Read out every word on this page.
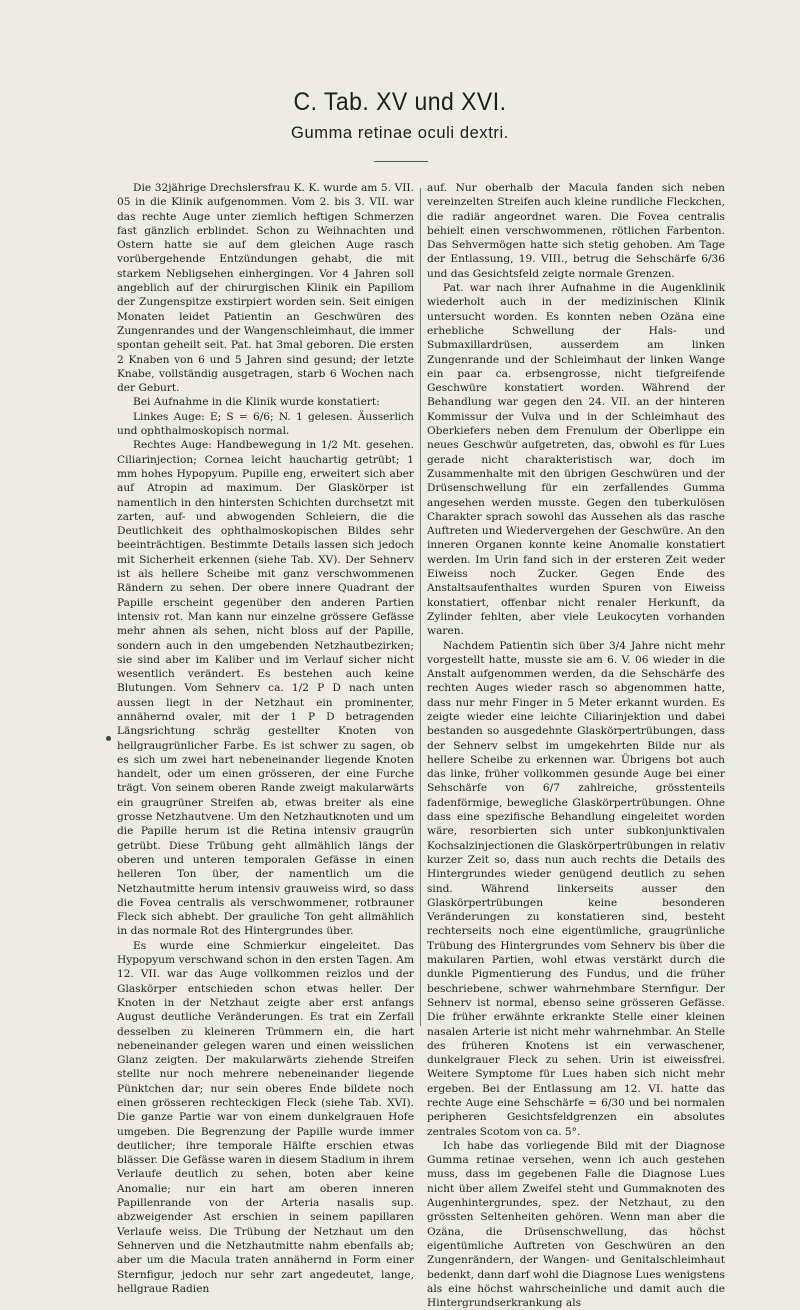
C. Tab. XV und XVI.
Gumma retinae oculi dextri.

Die 32jährige Drechslersfrau K. K. wurde am 5. VII. 05 in die Klinik aufgenommen. Vom 2. bis 3. VII. war das rechte Auge unter ziemlich heftigen Schmerzen fast gänzlich erblindet. Schon zu Weihnachten und Ostern hatte sie auf dem gleichen Auge rasch vorübergehende Entzündungen gehabt, die mit starkem Nebligsehen einhergingen. Vor 4 Jahren soll angeblich auf der chirurgischen Klinik ein Papillom der Zungenspitze exstirpiert worden sein. Seit einigen Monaten leidet Patientin an Geschwüren des Zungenrandes und der Wangenschleimhaut, die immer spontan geheilt seit. Pat. hat 3mal geboren. Die ersten 2 Knaben von 6 und 5 Jahren sind gesund; der letzte Knabe, vollständig ausgetragen, starb 6 Wochen nach der Geburt.

Bei Aufnahme in die Klinik wurde konstatiert:

Linkes Auge: E; S = 6/6; N. 1 gelesen. Äusserlich und ophthalmoskopisch normal.

Rechtes Auge: Handbewegung in 1/2 Mt. gesehen. Ciliarinjection; Cornea leicht hauchartig getrübt; 1 mm hohes Hypopyum. Pupille eng, erweitert sich aber auf Atropin ad maximum. Der Glaskörper ist namentlich in den hintersten Schichten durchsetzt mit zarten, auf- und abwogenden Schleiern, die die Deutlichkeit des ophthalmoskopischen Bildes sehr beeinträchtigen. Bestimmte Details lassen sich jedoch mit Sicherheit erkennen (siehe Tab. XV). Der Sehnerv ist als hellere Scheibe mit ganz verschwommenen Rändern zu sehen. Der obere innere Quadrant der Papille erscheint gegenüber den anderen Partien intensiv rot. Man kann nur einzelne grössere Gefässe mehr ahnen als sehen, nicht bloss auf der Papille, sondern auch in den umgebenden Netzhautbezirken; sie sind aber im Kaliber und im Verlauf sicher nicht wesentlich verändert. Es bestehen auch keine Blutungen. Vom Sehnerv ca. 1/2 P D nach unten aussen liegt in der Netzhaut ein prominenter, annähernd ovaler, mit der 1 P D betragenden Längsrichtung schräg gestellter Knoten von hellgraugrünlicher Farbe. Es ist schwer zu sagen, ob es sich um zwei hart nebeneinander liegende Knoten handelt, oder um einen grösseren, der eine Furche trägt. Von seinem oberen Rande zweigt makularwärts ein graugrüner Streifen ab, etwas breiter als eine grosse Netzhautvene. Um den Netzhautknoten und um die Papille herum ist die Retina intensiv graugrün getrübt. Diese Trübung geht allmählich längs der oberen und unteren temporalen Gefässe in einen helleren Ton über, der namentlich um die Netzhautmitte herum intensiv grauweiss wird, so dass die Fovea centralis als verschwommener, rotbrauner Fleck sich abhebt. Der grauliche Ton geht allmählich in das normale Rot des Hintergrundes über.

Es wurde eine Schmierkur eingeleitet. Das Hypopyum verschwand schon in den ersten Tagen. Am 12. VII. war das Auge vollkommen reizlos und der Glaskörper entschieden schon etwas heller. Der Knoten in der Netzhaut zeigte aber erst anfangs August deutliche Veränderungen. Es trat ein Zerfall desselben zu kleineren Trümmern ein, die hart nebeneinander gelegen waren und einen weisslichen Glanz zeigten. Der makularwärts ziehende Streifen stellte nur noch mehrere nebeneinander liegende Pünktchen dar; nur sein oberes Ende bildete noch einen grösseren rechteckigen Fleck (siehe Tab. XVI). Die ganze Partie war von einem dunkelgrauen Hofe umgeben. Die Begrenzung der Papille wurde immer deutlicher; ihre temporale Hälfte erschien etwas blässer. Die Gefässe waren in diesem Stadium in ihrem Verlaufe deutlich zu sehen, boten aber keine Anomalie; nur ein hart am oberen inneren Papillenrande von der Arteria nasalis sup. abzweigender Ast erschien in seinem papillaren Verlaufe weiss. Die Trübung der Netzhaut um den Sehnerven und die Netzhautmitte nahm ebenfalls ab; aber um die Macula traten annähernd in Form einer Sternfigur, jedoch nur sehr zart angedeutet, lange, hellgraue Radien

auf. Nur oberhalb der Macula fanden sich neben vereinzelten Streifen auch kleine rundliche Fleckchen, die radiär angeordnet waren. Die Fovea centralis behielt einen verschwommenen, rötlichen Farbenton. Das Sehvermögen hatte sich stetig gehoben. Am Tage der Entlassung, 19. VIII., betrug die Sehschärfe 6/36 und das Gesichtsfeld zeigte normale Grenzen.

Pat. war nach ihrer Aufnahme in die Augenklinik wiederholt auch in der medizinischen Klinik untersucht worden. Es konnten neben Ozäna eine erhebliche Schwellung der Hals- und Submaxillardrüsen, ausserdem am linken Zungenrande und der Schleimhaut der linken Wange ein paar ca. erbsengrosse, nicht tiefgreifende Geschwüre konstatiert worden. Während der Behandlung war gegen den 24. VII. an der hinteren Kommissur der Vulva und in der Schleimhaut des Oberkiefers neben dem Frenulum der Oberlippe ein neues Geschwür aufgetreten, das, obwohl es für Lues gerade nicht charakteristisch war, doch im Zusammenhalte mit den übrigen Geschwüren und der Drüsenschwellung für ein zerfallendes Gumma angesehen werden musste. Gegen den tuberkulösen Charakter sprach sowohl das Aussehen als das rasche Auftreten und Wiedervergehen der Geschwüre. An den inneren Organen konnte keine Anomalie konstatiert werden. Im Urin fand sich in der ersteren Zeit weder Eiweiss noch Zucker. Gegen Ende des Anstaltsaufenthaltes wurden Spuren von Eiweiss konstatiert, offenbar nicht renaler Herkunft, da Zylinder fehlten, aber viele Leukocyten vorhanden waren.

Nachdem Patientin sich über 3/4 Jahre nicht mehr vorgestellt hatte, musste sie am 6. V. 06 wieder in die Anstalt aufgenommen werden, da die Sehschärfe des rechten Auges wieder rasch so abgenommen hatte, dass nur mehr Finger in 5 Meter erkannt wurden. Es zeigte wieder eine leichte Ciliarinjektion und dabei bestanden so ausgedehnte Glaskörpertrübungen, dass der Sehnerv selbst im umgekehrten Bilde nur als hellere Scheibe zu erkennen war. Übrigens bot auch das linke, früher vollkommen gesunde Auge bei einer Sehschärfe von 6/7 zahlreiche, grösstenteils fadenförmige, bewegliche Glaskörpertrübungen. Ohne dass eine spezifische Behandlung eingeleitet worden wäre, resorbierten sich unter subkonjunktivalen Kochsalzinjectionen die Glaskörpertrübungen in relativ kurzer Zeit so, dass nun auch rechts die Details des Hintergrundes wieder genügend deutlich zu sehen sind. Während linkerseits ausser den Glaskörpertrübungen keine besonderen Veränderungen zu konstatieren sind, besteht rechterseits noch eine eigentümliche, graugrünliche Trübung des Hintergrundes vom Sehnerv bis über die makularen Partien, wohl etwas verstärkt durch die dunkle Pigmentierung des Fundus, und die früher beschriebene, schwer wahrnehmbare Sternfigur. Der Sehnerv ist normal, ebenso seine grösseren Gefässe. Die früher erwähnte erkrankte Stelle einer kleinen nasalen Arterie ist nicht mehr wahrnehmbar. An Stelle des früheren Knotens ist ein verwaschener, dunkelgrauer Fleck zu sehen. Urin ist eiweissfrei. Weitere Symptome für Lues haben sich nicht mehr ergeben. Bei der Entlassung am 12. VI. hatte das rechte Auge eine Sehschärfe = 6/30 und bei normalen peripheren Gesichtsfeldgrenzen ein absolutes zentrales Scotom von ca. 5°.

Ich habe das vorliegende Bild mit der Diagnose Gumma retinae versehen, wenn ich auch gestehen muss, dass im gegebenen Falle die Diagnose Lues nicht über allem Zweifel steht und Gummaknoten des Augenhintergrundes, spez. der Netzhaut, zu den grössten Seltenheiten gehören. Wenn man aber die Ozäna, die Drüsenschwellung, das höchst eigentümliche Auftreten von Geschwüren an den Zungenrändern, der Wangen- und Genitalschleimhaut bedenkt, dann darf wohl die Diagnose Lues wenigstens als eine höchst wahrscheinliche und damit auch die Hintergrundserkrankung als
